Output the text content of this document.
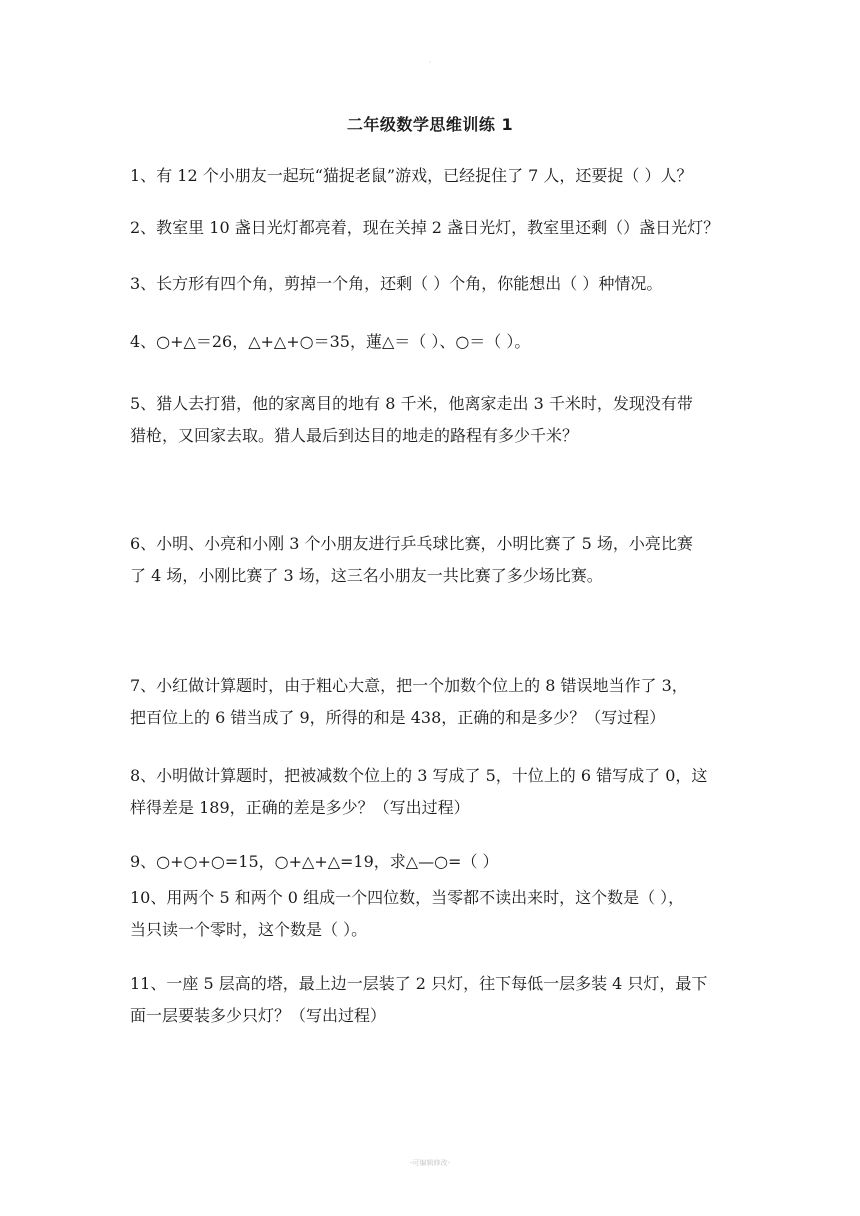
·
二年级数学思维训练 1
1、有 12 个小朋友一起玩“猫捉老鼠”游戏，已经捉住了 7 人，还要捉（ ）人？
2、教室里 10 盏日光灯都亮着，现在关掉 2 盏日光灯，教室里还剩（）盏日光灯？
3、长方形有四个角，剪掉一个角，还剩（ ）个角，你能想出（ ）种情况。
4、○+△＝26，△+△+○＝35，蓮△＝（ ）、○＝（ ）。
5、猎人去打猎，他的家离目的地有 8 千米，他离家走出 3 千米时，发现没有带
猎枪，又回家去取。猎人最后到达目的地走的路程有多少千米？
6、小明、小亮和小刚 3 个小朋友进行乒乓球比赛，小明比赛了 5 场，小亮比赛
了 4 场，小刚比赛了 3 场，这三名小朋友一共比赛了多少场比赛。
7、小红做计算题时，由于粗心大意，把一个加数个位上的 8 错误地当作了 3，
把百位上的 6 错当成了 9，所得的和是 438，正确的和是多少？（写过程）
8、小明做计算题时，把被减数个位上的 3 写成了 5，十位上的 6 错写成了 0，这
样得差是 189，正确的差是多少？（写出过程）
9、○+○+○=15，○+△+△=19，求△—○=（ ）
10、用两个 5 和两个 0 组成一个四位数，当零都不读出来时，这个数是（ ），
当只读一个零时，这个数是（ ）。
11、一座 5 层高的塔，最上边一层装了 2 只灯，往下每低一层多装 4 只灯，最下
面一层要装多少只灯？（写出过程）
-可编辑修改-
